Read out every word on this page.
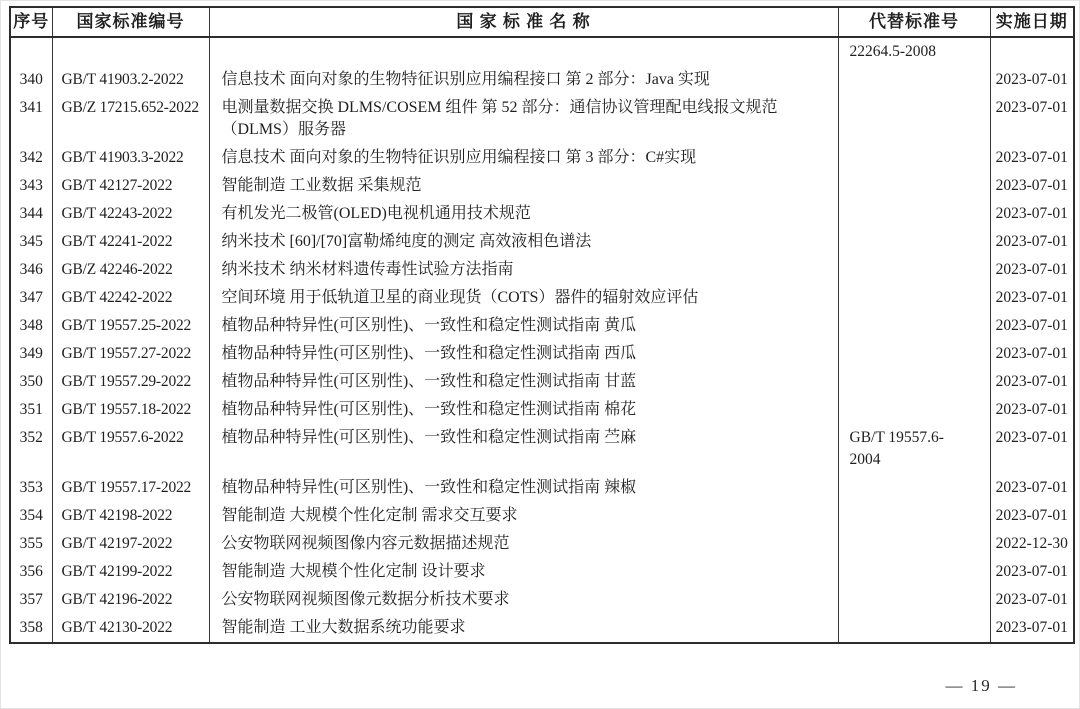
序号	国家标准编号	国 家 标 准 名 称	代替标准号	实施日期
			22264.5-2008	
340	GB/T 41903.2-2022	信息技术 面向对象的生物特征识别应用编程接口 第 2 部分：Java 实现		2023-07-01
341	GB/Z 17215.652-2022	电测量数据交换 DLMS/COSEM 组件 第 52 部分：通信协议管理配电线报文规范（DLMS）服务器		2023-07-01
342	GB/T 41903.3-2022	信息技术 面向对象的生物特征识别应用编程接口 第 3 部分：C#实现		2023-07-01
343	GB/T 42127-2022	智能制造 工业数据 采集规范		2023-07-01
344	GB/T 42243-2022	有机发光二极管(OLED)电视机通用技术规范		2023-07-01
345	GB/T 42241-2022	纳米技术 [60]/[70]富勒烯纯度的测定 高效液相色谱法		2023-07-01
346	GB/Z 42246-2022	纳米技术 纳米材料遗传毒性试验方法指南		2023-07-01
347	GB/T 42242-2022	空间环境 用于低轨道卫星的商业现货（COTS）器件的辐射效应评估		2023-07-01
348	GB/T 19557.25-2022	植物品种特异性(可区别性)、一致性和稳定性测试指南 黄瓜		2023-07-01
349	GB/T 19557.27-2022	植物品种特异性(可区别性)、一致性和稳定性测试指南 西瓜		2023-07-01
350	GB/T 19557.29-2022	植物品种特异性(可区别性)、一致性和稳定性测试指南 甘蓝		2023-07-01
351	GB/T 19557.18-2022	植物品种特异性(可区别性)、一致性和稳定性测试指南 棉花		2023-07-01
352	GB/T 19557.6-2022	植物品种特异性(可区别性)、一致性和稳定性测试指南 苎麻	GB/T 19557.6-2004	2023-07-01
353	GB/T 19557.17-2022	植物品种特异性(可区别性)、一致性和稳定性测试指南 辣椒		2023-07-01
354	GB/T 42198-2022	智能制造 大规模个性化定制 需求交互要求		2023-07-01
355	GB/T 42197-2022	公安物联网视频图像内容元数据描述规范		2022-12-30
356	GB/T 42199-2022	智能制造 大规模个性化定制 设计要求		2023-07-01
357	GB/T 42196-2022	公安物联网视频图像元数据分析技术要求		2023-07-01
358	GB/T 42130-2022	智能制造 工业大数据系统功能要求		2023-07-01
— 19 —
